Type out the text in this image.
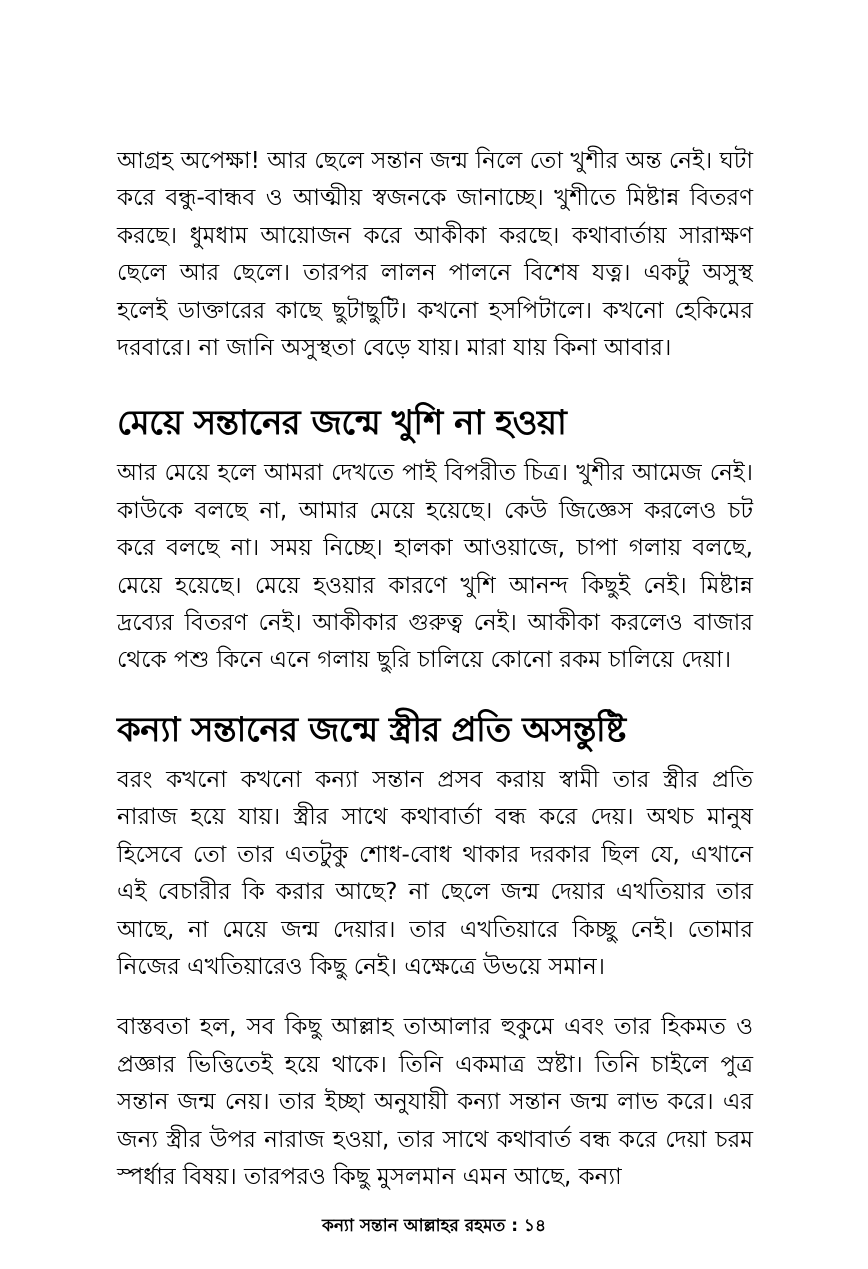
আগ্রহ অপেক্ষা! আর ছেলে সন্তান জন্ম নিলে তো খুশীর অন্ত নেই। ঘটা করে বন্ধু-বান্ধব ও আত্মীয় স্বজনকে জানাচ্ছে। খুশীতে মিষ্টান্ন বিতরণ করছে। ধুমধাম আয়োজন করে আকীকা করছে। কথাবার্তায় সারাক্ষণ ছেলে আর ছেলে। তারপর লালন পালনে বিশেষ যত্ন। একটু অসুস্থ হলেই ডাক্তারের কাছে ছুটাছুটি। কখনো হসপিটালে। কখনো হেকিমের দরবারে। না জানি অসুস্থতা বেড়ে যায়। মারা যায় কিনা আবার।

মেয়ে সন্তানের জন্মে খুশি না হওয়া

আর মেয়ে হলে আমরা দেখতে পাই বিপরীত চিত্র। খুশীর আমেজ নেই। কাউকে বলছে না, আমার মেয়ে হয়েছে। কেউ জিজ্ঞেস করলেও চট করে বলছে না। সময় নিচ্ছে। হালকা আওয়াজে, চাপা গলায় বলছে, মেয়ে হয়েছে। মেয়ে হওয়ার কারণে খুশি আনন্দ কিছুই নেই। মিষ্টান্ন দ্রব্যের বিতরণ নেই। আকীকার গুরুত্ব নেই। আকীকা করলেও বাজার থেকে পশু কিনে এনে গলায় ছুরি চালিয়ে কোনো রকম চালিয়ে দেয়া।

কন্যা সন্তানের জন্মে স্ত্রীর প্রতি অসন্তুষ্টি

বরং কখনো কখনো কন্যা সন্তান প্রসব করায় স্বামী তার স্ত্রীর প্রতি নারাজ হয়ে যায়। স্ত্রীর সাথে কথাবার্তা বন্ধ করে দেয়। অথচ মানুষ হিসেবে তো তার এতটুকু শোধ-বোধ থাকার দরকার ছিল যে, এখানে এই বেচারীর কি করার আছে? না ছেলে জন্ম দেয়ার এখতিয়ার তার আছে, না মেয়ে জন্ম দেয়ার। তার এখতিয়ারে কিচ্ছু নেই। তোমার নিজের এখতিয়ারেও কিছু নেই। এক্ষেত্রে উভয়ে সমান।

বাস্তবতা হল, সব কিছু আল্লাহ তাআলার হুকুমে এবং তার হিকমত ও প্রজ্ঞার ভিত্তিতেই হয়ে থাকে। তিনি একমাত্র স্রষ্টা। তিনি চাইলে পুত্র সন্তান জন্ম নেয়। তার ইচ্ছা অনুযায়ী কন্যা সন্তান জন্ম লাভ করে। এর জন্য স্ত্রীর উপর নারাজ হওয়া, তার সাথে কথাবার্ত বন্ধ করে দেয়া চরম স্পর্ধার বিষয়। তারপরও কিছু মুসলমান এমন আছে, কন্যা

কন্যা সন্তান আল্লাহর রহমত : ১৪
